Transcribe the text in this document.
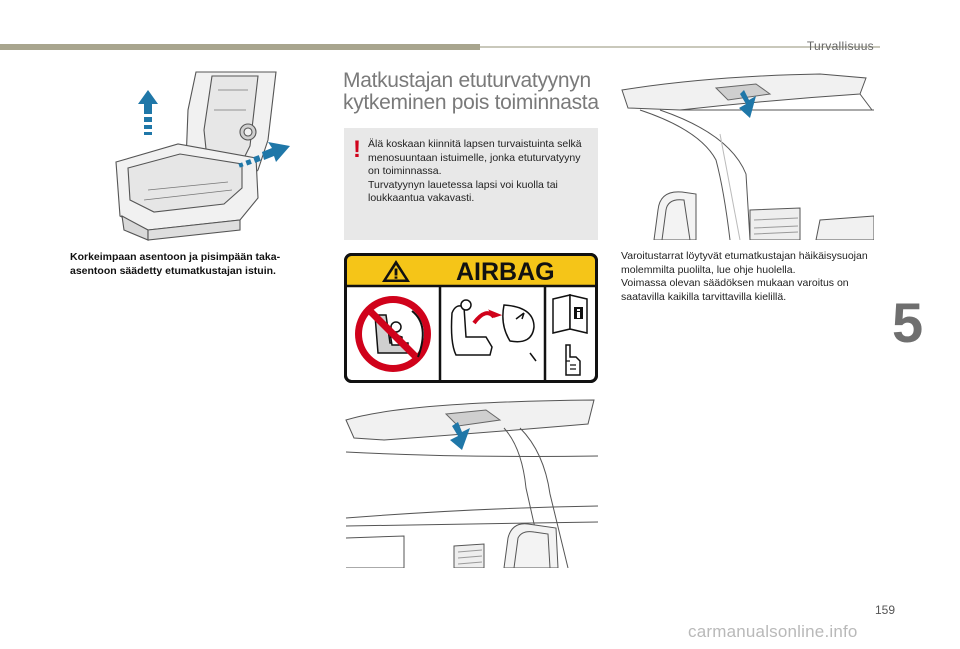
Turvallisuus
5
Korkeimpaan asentoon ja pisimpään taka-asentoon säädetty etumatkustajan istuin.
Matkustajan etuturvatyynyn kytkeminen pois toiminnasta
! Älä koskaan kiinnitä lapsen turvaistuinta selkä menosuuntaan istuimelle, jonka etuturvatyyny on toiminnassa.
Turvatyynyn lauetessa lapsi voi kuolla tai loukkaantua vakavasti.
AIRBAG
Varoitustarrat löytyvät etumatkustajan häikäisysuojan molemmilta puolilta, lue ohje huolella.
Voimassa olevan säädöksen mukaan varoitus on saatavilla kaikilla tarvittavilla kielillä.
159
carmanualsonline.info
